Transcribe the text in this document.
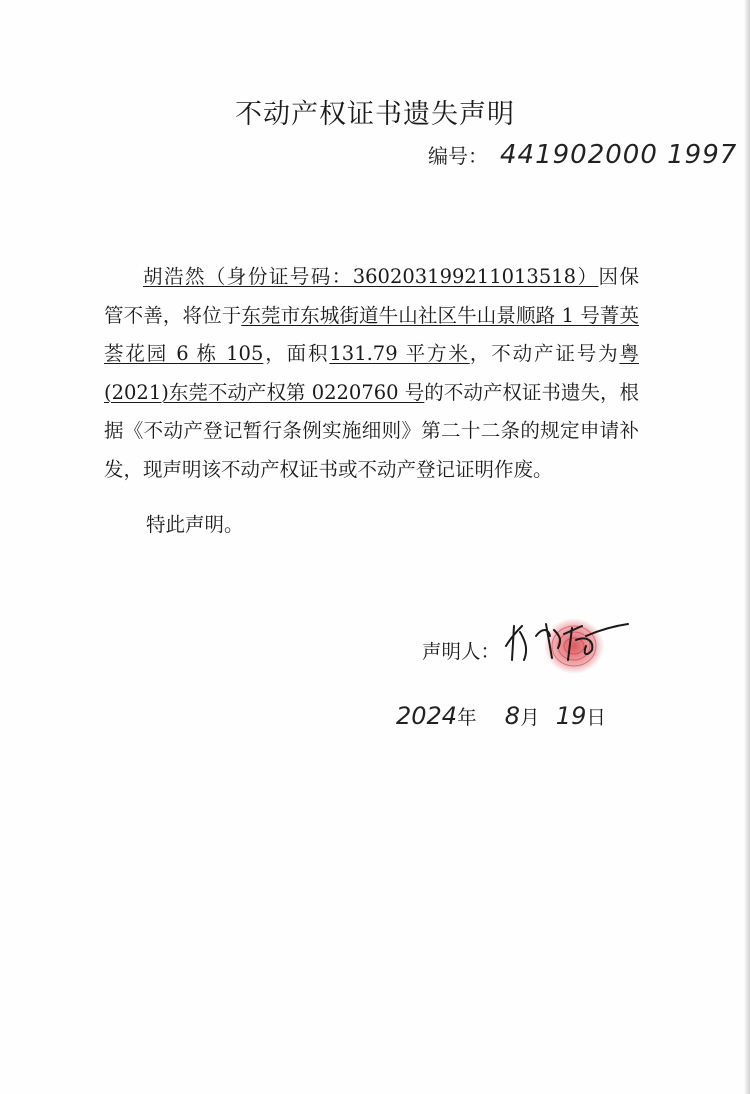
不动产权证书遗失声明
编号： 441902000 1997

胡浩然（身份证号码：360203199211013518）因保管不善，将位于东莞市东城街道牛山社区牛山景顺路 1 号菁英荟花园 6 栋 105，面积131.79 平方米，不动产证号为粤(2021)东莞不动产权第 0220760 号的不动产权证书遗失，根据《不动产登记暂行条例实施细则》第二十二条的规定申请补发，现声明该不动产权证书或不动产登记证明作废。

特此声明。
声明人：
2024年 8月 19日
